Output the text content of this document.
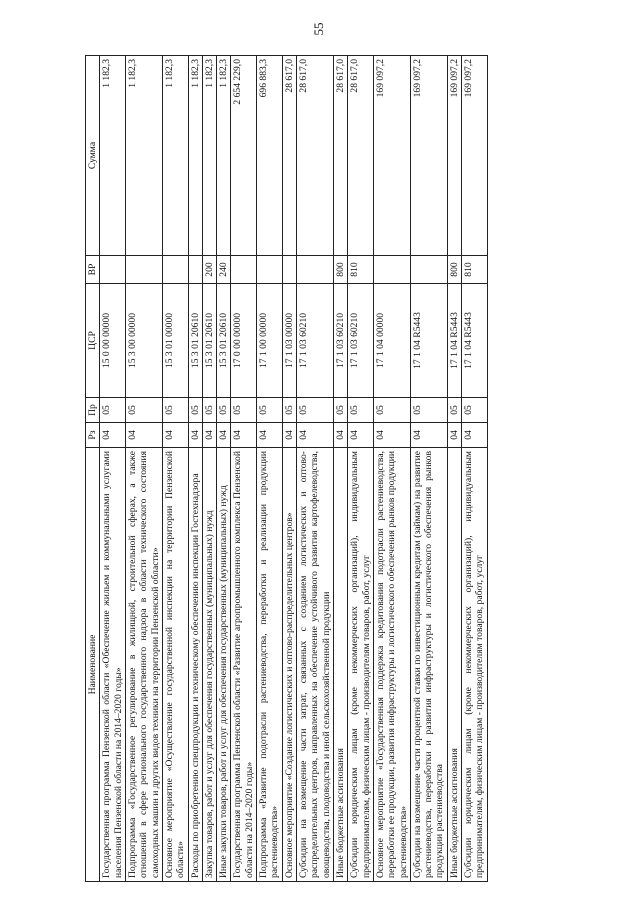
55
Наименование	Рз	Пр	ЦСР	ВР	Сумма
Государственная программа Пензенской области «Обеспечение жильем и коммунальными услугами населения Пензенской области на 2014–2020 годы»	04	05	15 0 00 00000		1 182,3
Подпрограмма «Государственное регулирование в жилищной, строительной сферах, а также отношений в сфере регионального государственного надзора в области технического состояния самоходных машин и других видов техники на территории Пензенской области»	04	05	15 3 00 00000		1 182,3
Основное мероприятие «Осуществление государственной инспекции на территории Пензенской области»	04	05	15 3 01 00000		1 182,3
Расходы по приобретению спецпродукции и техническому обеспечению инспекции Гостехнадзора	04	05	15 3 01 20610		1 182,3
Закупка товаров, работ и услуг для обеспечения государственных (муниципальных) нужд	04	05	15 3 01 20610	200	1 182,3
Иные закупки товаров, работ и услуг для обеспечения государственных (муниципальных) нужд	04	05	15 3 01 20610	240	1 182,3
Государственная программа Пензенской области «Развитие агропромышленного комплекса Пензенской области на 2014–2020 годы»	04	05	17 0 00 00000		2 654 229,0
Подпрограмма «Развитие подотрасли растениеводства, переработки и реализации продукции растениеводства»	04	05	17 1 00 00000		696 883,3
Основное мероприятие «Создание логистических и оптово-распределительных центров»	04	05	17 1 03 00000		28 617,0
Субсидии на возмещение части затрат, связанных с созданием логистических и оптово-распределительных центров, направленных на обеспечение устойчивого развития картофелеводства, овощеводства, плодоводства и иной сельскохозяйственной продукции	04	05	17 1 03 60210		28 617,0
Иные бюджетные ассигнования	04	05	17 1 03 60210	800	28 617,0
Субсидии юридическим лицам (кроме некоммерческих организаций), индивидуальным предпринимателям, физическим лицам - производителям товаров, работ, услуг	04	05	17 1 03 60210	810	28 617,0
Основное мероприятие «Государственная поддержка кредитования подотрасли растениеводства, переработки ее продукции, развития инфраструктуры и логистического обеспечения рынков продукции растениеводства»	04	05	17 1 04 00000		169 097,2
Субсидии на возмещение части процентной ставки по инвестиционным кредитам (займам) на развитие растениеводства, переработки и развития инфраструктуры и логистического обеспечения рынков продукции растениеводства	04	05	17 1 04 R5443		169 097,2
Иные бюджетные ассигнования	04	05	17 1 04 R5443	800	169 097,2
Субсидии юридическим лицам (кроме некоммерческих организаций), индивидуальным предпринимателям, физическим лицам - производителям товаров, работ, услуг	04	05	17 1 04 R5443	810	169 097,2
